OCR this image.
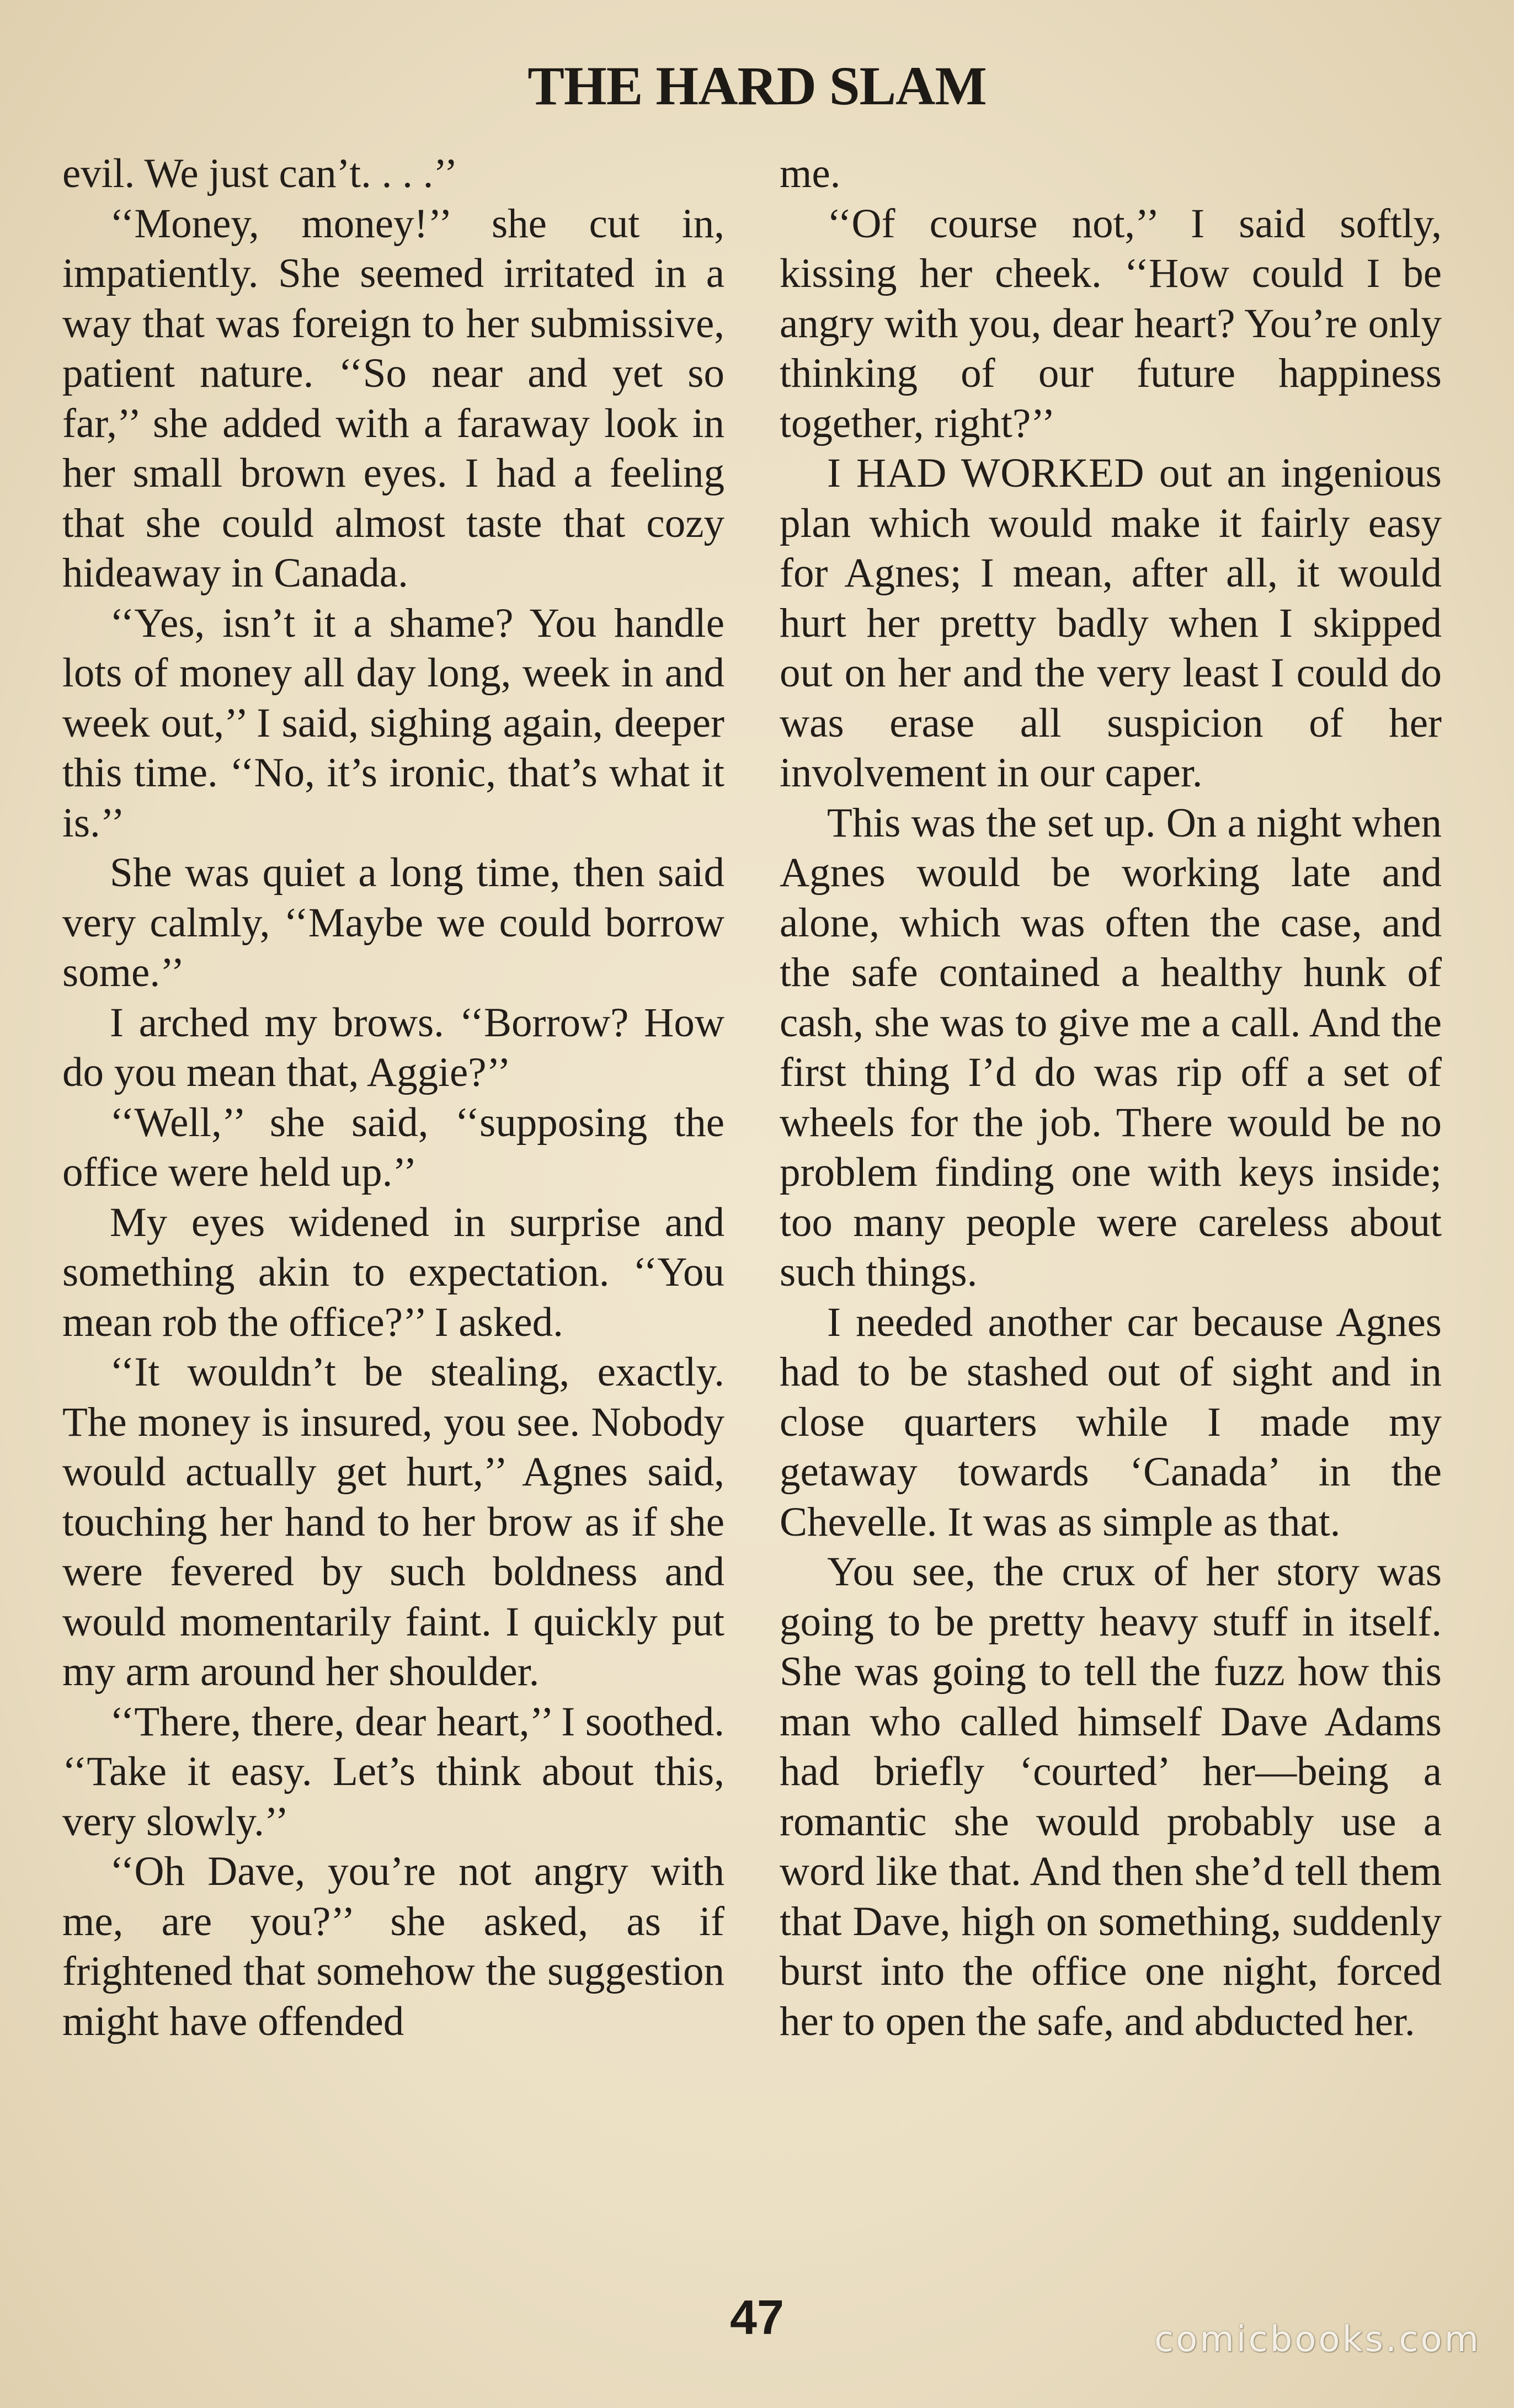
THE HARD SLAM

evil. We just can’t. . . .’’

‘‘Money, money!’’ she cut in, impatiently. She seemed irritated in a way that was foreign to her submissive, patient nature. ‘‘So near and yet so far,’’ she added with a faraway look in her small brown eyes. I had a feeling that she could almost taste that cozy hideaway in Canada.

‘‘Yes, isn’t it a shame? You handle lots of money all day long, week in and week out,’’ I said, sighing again, deeper this time. ‘‘No, it’s ironic, that’s what it is.’’

She was quiet a long time, then said very calmly, ‘‘Maybe we could borrow some.’’

I arched my brows. ‘‘Borrow? How do you mean that, Aggie?’’

‘‘Well,’’ she said, ‘‘supposing the office were held up.’’

My eyes widened in surprise and something akin to expectation. ‘‘You mean rob the office?’’ I asked.

‘‘It wouldn’t be stealing, exactly. The money is insured, you see. Nobody would actually get hurt,’’ Agnes said, touching her hand to her brow as if she were fevered by such boldness and would momentarily faint. I quickly put my arm around her shoulder.

‘‘There, there, dear heart,’’ I soothed. ‘‘Take it easy. Let’s think about this, very slowly.’’

‘‘Oh Dave, you’re not angry with me, are you?’’ she asked, as if frightened that somehow the suggestion might have offended

me.

‘‘Of course not,’’ I said softly, kissing her cheek. ‘‘How could I be angry with you, dear heart? You’re only thinking of our future happiness together, right?’’

I HAD WORKED out an ingenious plan which would make it fairly easy for Agnes; I mean, after all, it would hurt her pretty badly when I skipped out on her and the very least I could do was erase all suspicion of her involvement in our caper.

This was the set up. On a night when Agnes would be working late and alone, which was often the case, and the safe contained a healthy hunk of cash, she was to give me a call. And the first thing I’d do was rip off a set of wheels for the job. There would be no problem finding one with keys inside; too many people were careless about such things.

I needed another car because Agnes had to be stashed out of sight and in close quarters while I made my getaway towards ‘Canada’ in the Chevelle. It was as simple as that.

You see, the crux of her story was going to be pretty heavy stuff in itself. She was going to tell the fuzz how this man who called himself Dave Adams had briefly ‘courted’ her—being a romantic she would probably use a word like that. And then she’d tell them that Dave, high on something, suddenly burst into the office one night, forced her to open the safe, and abducted her.

47	comicbooks.com
